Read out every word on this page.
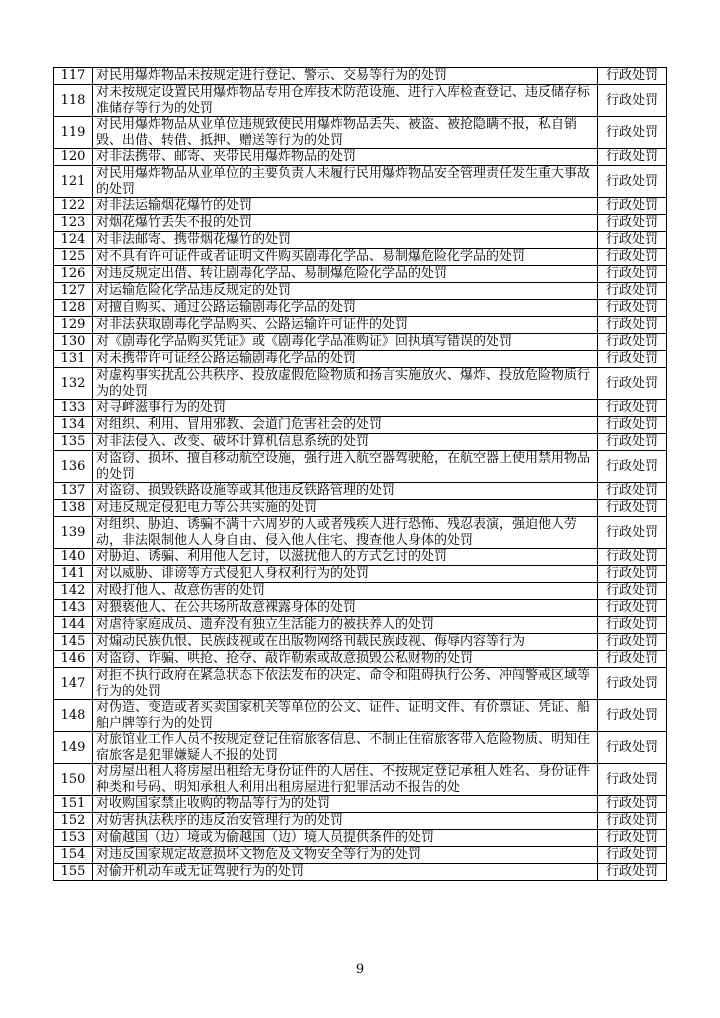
117	对民用爆炸物品未按规定进行登记、警示、交易等行为的处罚	行政处罚
118	对未按规定设置民用爆炸物品专用仓库技术防范设施、进行入库检查登记、违反储存标准储存等行为的处罚	行政处罚
119	对民用爆炸物品从业单位违规致使民用爆炸物品丢失、被盗、被抢隐瞒不报，私自销毁、出借、转借、抵押、赠送等行为的处罚	行政处罚
120	对非法携带、邮寄、夹带民用爆炸物品的处罚	行政处罚
121	对民用爆炸物品从业单位的主要负责人未履行民用爆炸物品安全管理责任发生重大事故的处罚	行政处罚
122	对非法运输烟花爆竹的处罚	行政处罚
123	对烟花爆竹丢失不报的处罚	行政处罚
124	对非法邮寄、携带烟花爆竹的处罚	行政处罚
125	对不具有许可证件或者证明文件购买剧毒化学品、易制爆危险化学品的处罚	行政处罚
126	对违反规定出借、转让剧毒化学品、易制爆危险化学品的处罚	行政处罚
127	对运输危险化学品违反规定的处罚	行政处罚
128	对擅自购买、通过公路运输剧毒化学品的处罚	行政处罚
129	对非法获取剧毒化学品购买、公路运输许可证件的处罚	行政处罚
130	对《剧毒化学品购买凭证》或《剧毒化学品准购证》回执填写错误的处罚	行政处罚
131	对未携带许可证经公路运输剧毒化学品的处罚	行政处罚
132	对虚构事实扰乱公共秩序、投放虚假危险物质和扬言实施放火、爆炸、投放危险物质行为的处罚	行政处罚
133	对寻衅滋事行为的处罚	行政处罚
134	对组织、利用、冒用邪教、会道门危害社会的处罚	行政处罚
135	对非法侵入、改变、破坏计算机信息系统的处罚	行政处罚
136	对盗窃、损坏、擅自移动航空设施，强行进入航空器驾驶舱，在航空器上使用禁用物品的处罚	行政处罚
137	对盗窃、损毁铁路设施等或其他违反铁路管理的处罚	行政处罚
138	对违反规定侵犯电力等公共实施的处罚	行政处罚
139	对组织、胁迫、诱骗不满十六周岁的人或者残疾人进行恐怖、残忍表演，强迫他人劳动，非法限制他人人身自由、侵入他人住宅、搜查他人身体的处罚	行政处罚
140	对胁迫、诱骗、利用他人乞讨，以滋扰他人的方式乞讨的处罚	行政处罚
141	对以威胁、诽谤等方式侵犯人身权利行为的处罚	行政处罚
142	对殴打他人、故意伤害的处罚	行政处罚
143	对猥亵他人、在公共场所故意裸露身体的处罚	行政处罚
144	对虐待家庭成员、遗弃没有独立生活能力的被扶养人的处罚	行政处罚
145	对煽动民族仇恨、民族歧视或在出版物网络刊载民族歧视、侮辱内容等行为	行政处罚
146	对盗窃、诈骗、哄抢、抢夺、敲诈勒索或故意损毁公私财物的处罚	行政处罚
147	对拒不执行政府在紧急状态下依法发布的决定、命令和阻碍执行公务、冲闯警戒区域等行为的处罚	行政处罚
148	对伪造、变造或者买卖国家机关等单位的公文、证件、证明文件、有价票证、凭证、船舶户牌等行为的处罚	行政处罚
149	对旅馆业工作人员不按规定登记住宿旅客信息、不制止住宿旅客带入危险物质、明知住宿旅客是犯罪嫌疑人不报的处罚	行政处罚
150	对房屋出租人将房屋出租给无身份证件的人居住、不按规定登记承租人姓名、身份证件种类和号码、明知承租人利用出租房屋进行犯罪活动不报告的处	行政处罚
151	对收购国家禁止收购的物品等行为的处罚	行政处罚
152	对妨害执法秩序的违反治安管理行为的处罚	行政处罚
153	对偷越国（边）境或为偷越国（边）境人员提供条件的处罚	行政处罚
154	对违反国家规定故意损坏文物危及文物安全等行为的处罚	行政处罚
155	对偷开机动车或无证驾驶行为的处罚	行政处罚
9
